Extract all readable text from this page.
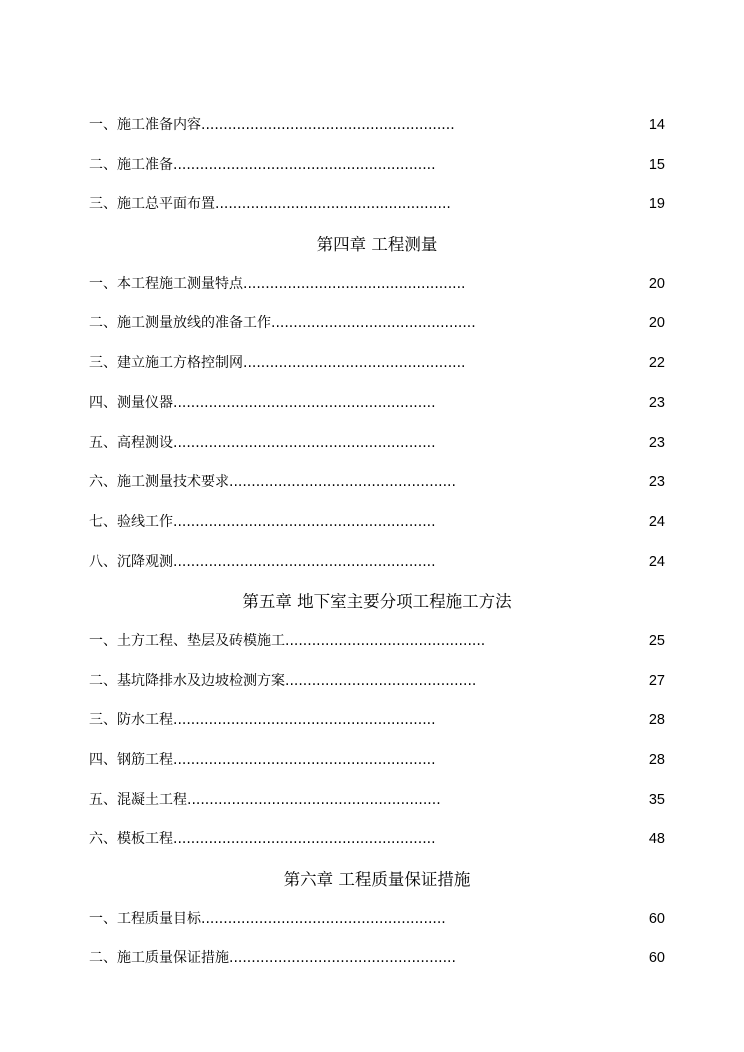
一、施工准备内容.........................................................	14
二、施工准备...........................................................	15
三、施工总平面布置.....................................................	19
第四章 工程测量
一、本工程施工测量特点..................................................	20
二、施工测量放线的准备工作..............................................	20
三、建立施工方格控制网..................................................	22
四、测量仪器...........................................................	23
五、高程测设...........................................................	23
六、施工测量技术要求...................................................	23
七、验线工作...........................................................	24
八、沉降观测...........................................................	24
第五章 地下室主要分项工程施工方法
一、土方工程、垫层及砖模施工.............................................	25
二、基坑降排水及边坡检测方案...........................................	27
三、防水工程...........................................................	28
四、钢筋工程...........................................................	28
五、混凝土工程.........................................................	35
六、模板工程...........................................................	48
第六章 工程质量保证措施
一、工程质量目标.......................................................	60
二、施工质量保证措施...................................................	60
